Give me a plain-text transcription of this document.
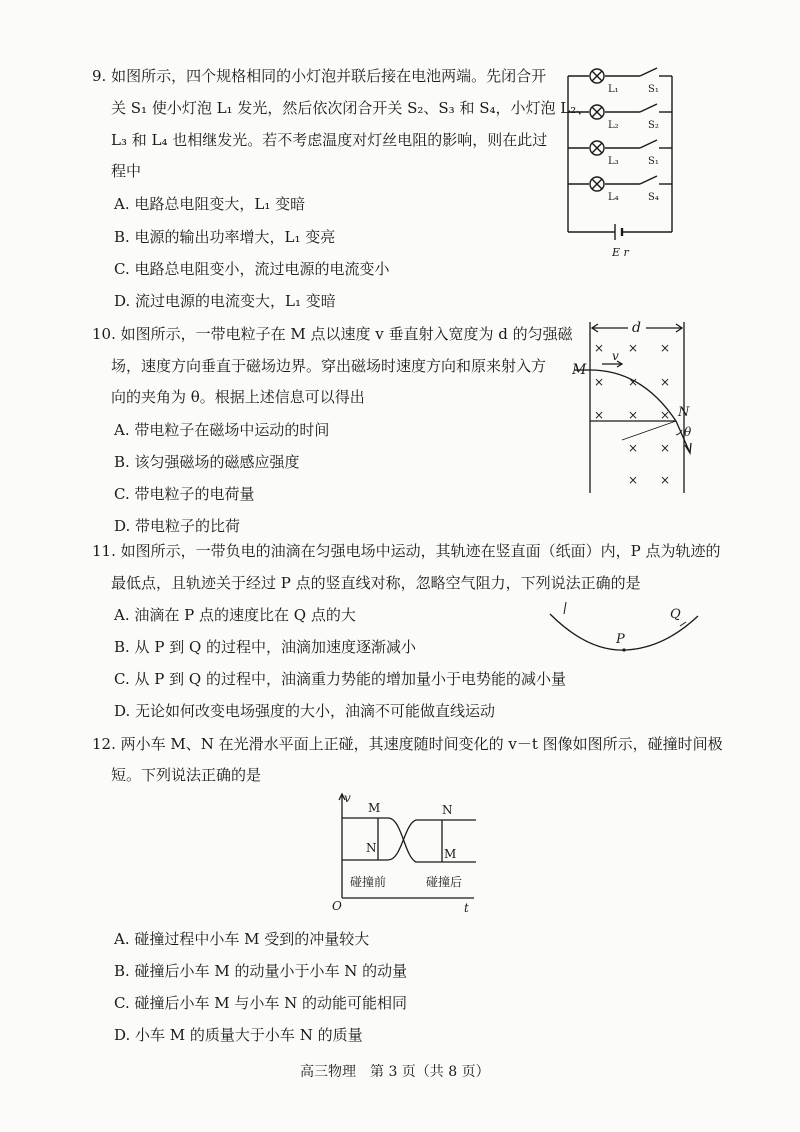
9. 如图所示，四个规格相同的小灯泡并联后接在电池两端。先闭合开
关 S₁ 使小灯泡 L₁ 发光，然后依次闭合开关 S₂、S₃ 和 S₄，小灯泡 L₂、
L₃ 和 L₄ 也相继发光。若不考虑温度对灯丝电阻的影响，则在此过
程中
A. 电路总电阻变大，L₁ 变暗
B. 电源的输出功率增大，L₁ 变亮
C. 电路总电阻变小，流过电源的电流变小
D. 流过电源的电流变大，L₁ 变暗
E r
L₁	S₁
L₂	S₂
L₃	S₁
L₄	S₄
10. 如图所示，一带电粒子在 M 点以速度 v 垂直射入宽度为 d 的匀强磁
场，速度方向垂直于磁场边界。穿出磁场时速度方向和原来射入方
向的夹角为 θ。根据上述信息可以得出
A. 带电粒子在磁场中运动的时间
B. 该匀强磁场的磁感应强度
C. 带电粒子的电荷量
D. 带电粒子的比荷
d
M
N
v
θ
× × ×
× × ×
× × ×
× ×
× ×
11. 如图所示，一带负电的油滴在匀强电场中运动，其轨迹在竖直面（纸面）内，P 点为轨迹的
最低点，且轨迹关于经过 P 点的竖直线对称，忽略空气阻力，下列说法正确的是
A. 油滴在 P 点的速度比在 Q 点的大
B. 从 P 到 Q 的过程中，油滴加速度逐渐减小
C. 从 P 到 Q 的过程中，油滴重力势能的增加量小于电势能的减小量
D. 无论如何改变电场强度的大小，油滴不可能做直线运动
P
Q
12. 两小车 M、N 在光滑水平面上正碰，其速度随时间变化的 v－t 图像如图所示，碰撞时间极
短。下列说法正确的是
A. 碰撞过程中小车 M 受到的冲量较大
B. 碰撞后小车 M 的动量小于小车 N 的动量
C. 碰撞后小车 M 与小车 N 的动能可能相同
D. 小车 M 的质量大于小车 N 的质量
v
t
O
M
N
N
M
碰撞前	碰撞后
高三物理　第 3 页（共 8 页）
